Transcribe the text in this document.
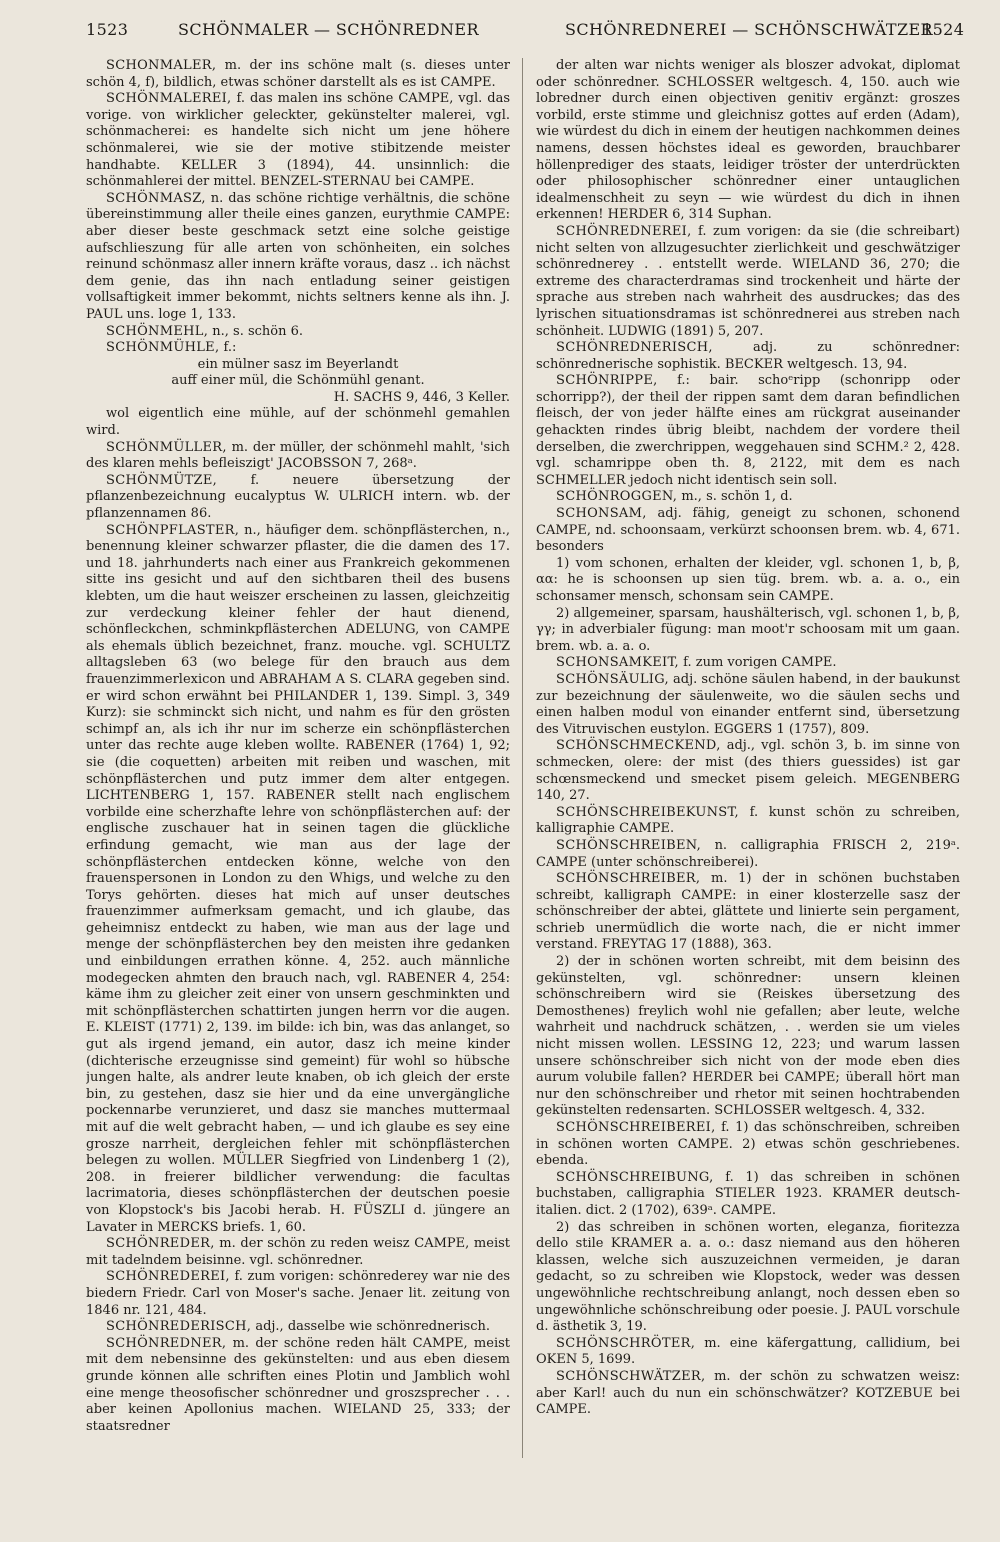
1523	SCHÖNMALER — SCHÖNREDNER	SCHÖNREDNEREI — SCHÖNSCHWÄTZER
1524

SCHÖNMALER, m. der ins schöne malt (s. dieses unter schön 4, f), bildlich, etwas schöner darstellt als es ist CAMPE.

SCHÖNMALEREI, f. das malen ins schöne CAMPE, vgl. das vorige. von wirklicher geleckter, gekünstelter malerei, vgl. schönmacherei: es handelte sich nicht um jene höhere schönmalerei, wie sie der motive stibitzende meister handhabte. KELLER 3 (1894), 44. unsinnlich: die schönmahlerei der mittel. BENZEL-STERNAU bei CAMPE.

SCHÖNMASZ, n. das schöne richtige verhältnis, die schöne übereinstimmung aller theile eines ganzen, eurythmie CAMPE: aber dieser beste geschmack setzt eine solche geistige aufschlieszung für alle arten von schönheiten, ein solches reinund schönmasz aller innern kräfte voraus, dasz .. ich nächst dem genie, das ihn nach entladung seiner geistigen vollsaftigkeit immer bekommt, nichts seltners kenne als ihn. J. PAUL uns. loge 1, 133.

SCHÖNMEHL, n., s. schön 6.

SCHÖNMÜHLE, f.:

ein mülner sasz im Beyerlandt

auff einer mül, die Schönmühl genant.

H. SACHS 9, 446, 3 Keller.

wol eigentlich eine mühle, auf der schönmehl gemahlen wird.

SCHÖNMÜLLER, m. der müller, der schönmehl mahlt, 'sich des klaren mehls befleiszigt' JACOBSSON 7, 268ᵃ.

SCHÖNMÜTZE,	f. neuere übersetzung der pflanzenbezeichnung eucalyptus W. ULRICH intern. wb. der pflanzennamen 86.

SCHÖNPFLASTER, n., häufiger dem. schönpflästerchen, n., benennung kleiner schwarzer pflaster, die die damen des 17. und 18. jahrhunderts nach einer aus Frankreich gekommenen sitte ins gesicht und auf den sichtbaren theil des busens klebten, um die haut weiszer erscheinen zu lassen, gleichzeitig zur verdeckung kleiner fehler der haut dienend, schönfleckchen, schminkpflästerchen ADELUNG, von CAMPE als ehemals üblich bezeichnet, franz. mouche. vgl. SCHULTZ alltagsleben 63 (wo belege für den brauch aus dem frauenzimmerlexicon und ABRAHAM A S. CLARA gegeben sind. er wird schon erwähnt bei PHILANDER 1, 139. Simpl. 3, 349 Kurz): sie schminckt sich nicht, und nahm es für den grösten schimpf an, als ich ihr nur im scherze ein schönpflästerchen unter das rechte auge kleben wollte. RABENER (1764) 1, 92; sie (die coquetten) arbeiten mit reiben und waschen, mit schönpflästerchen und putz immer dem alter entgegen. LICHTENBERG 1, 157. RABENER stellt nach englischem vorbilde eine scherzhafte lehre von schönpflästerchen auf: der englische zuschauer hat in seinen tagen die glückliche erfindung gemacht, wie man aus der lage der schönpflästerchen entdecken könne, welche von den frauenspersonen in London zu den Whigs, und welche zu den Torys gehörten. dieses hat mich auf unser deutsches frauenzimmer aufmerksam gemacht, und ich glaube, das geheimnisz entdeckt zu haben, wie man aus der lage und menge der schönpflästerchen bey den meisten ihre gedanken und einbildungen errathen könne. 4, 252. auch männliche modegecken ahmten den brauch nach, vgl. RABENER 4, 254: käme ihm zu gleicher zeit einer von unsern geschminkten und mit schönpflästerchen schattirten jungen herrn vor die augen. E. KLEIST (1771) 2, 139. im bilde: ich bin, was das anlanget, so gut als irgend jemand, ein autor, dasz ich meine kinder (dichterische erzeugnisse sind gemeint) für wohl so hübsche jungen halte, als andrer leute knaben, ob ich gleich der erste bin, zu gestehen, dasz sie hier und da eine unvergängliche pockennarbe verunzieret, und dasz sie manches muttermaal mit auf die welt gebracht haben, — und ich glaube es sey eine grosze narrheit, dergleichen fehler mit schönpflästerchen belegen zu wollen. MÜLLER Siegfried von Lindenberg 1 (2), 208. in freierer bildlicher verwendung: die facultas lacrimatoria, dieses schönpflästerchen der deutschen poesie von Klopstock's bis Jacobi herab. H. FÜSZLI d. jüngere an Lavater in MERCKS briefs. 1, 60.

SCHÖNREDER, m. der schön zu reden weisz CAMPE, meist mit tadelndem beisinne. vgl. schönredner.

SCHÖNREDEREI, f. zum vorigen: schönrederey war nie des biedern Friedr. Carl von Moser's sache. Jenaer lit. zeitung von 1846 nr. 121, 484.

SCHÖNREDERISCH, adj., dasselbe wie schönrednerisch.

SCHÖNREDNER, m. der schöne reden hält CAMPE, meist mit dem nebensinne des gekünstelten: und aus eben diesem grunde können alle schriften eines Plotin und Jamblich wohl eine menge theosofischer schönredner und groszsprecher . . . aber keinen Apollonius machen. WIELAND 25, 333; der staatsredner

der alten war nichts weniger als bloszer advokat, diplomat oder schönredner. SCHLOSSER weltgesch. 4, 150. auch wie lobredner durch einen objectiven genitiv ergänzt: groszes vorbild, erste stimme und gleichnisz gottes auf erden (Adam), wie würdest du dich in einem der heutigen nachkommen deines namens, dessen höchstes ideal es geworden, brauchbarer höllenprediger des staats, leidiger tröster der unterdrückten oder philosophischer schönredner einer untauglichen idealmenschheit zu seyn — wie würdest du dich in ihnen erkennen! HERDER 6, 314 Suphan.

SCHÖNREDNEREI, f. zum vorigen: da sie (die schreibart) nicht selten von allzugesuchter zierlichkeit und geschwätziger schönrednerey . . entstellt werde. WIELAND 36, 270; die extreme des characterdramas sind trockenheit und härte der sprache aus streben nach wahrheit des ausdruckes; das des lyrischen situationsdramas ist schönrednerei aus streben nach schönheit. LUDWIG (1891) 5, 207.

SCHÖNREDNERISCH,	adj. zu schönredner: schönrednerische sophistik. BECKER weltgesch. 13, 94.

SCHÖNRIPPE, f.: bair. schoᵉripp (schonripp oder schorripp?), der theil der rippen samt dem daran befindlichen fleisch, der von jeder hälfte eines am rückgrat auseinander gehackten rindes übrig bleibt, nachdem der vordere theil derselben, die zwerchrippen, weggehauen sind SCHM.² 2, 428. vgl. schamrippe oben th. 8, 2122, mit dem es nach SCHMELLER jedoch nicht identisch sein soll.

SCHÖNROGGEN, m., s. schön 1, d.

SCHONSAM, adj. fähig, geneigt zu schonen, schonend CAMPE, nd. schoonsaam, verkürzt schoonsen brem. wb. 4, 671. besonders

1) vom schonen, erhalten der kleider, vgl. schonen 1, b, β, αα: he is schoonsen up sien tüg. brem. wb. a. a. o., ein schonsamer mensch, schonsam sein CAMPE.

2) allgemeiner, sparsam, haushälterisch, vgl. schonen 1, b, β, γγ; in adverbialer fügung: man moot'r schoosam mit um gaan. brem. wb. a. a. o.

SCHONSAMKEIT, f. zum vorigen CAMPE.

SCHÖNSÄULIG, adj. schöne säulen habend, in der baukunst zur bezeichnung der säulenweite, wo die säulen sechs und einen halben modul von einander entfernt sind, übersetzung des Vitruvischen eustylon. EGGERS 1 (1757), 809.

SCHÖNSCHMECKEND, adj., vgl. schön 3, b. im sinne von schmecken, olere: der mist (des thiers guessides) ist gar schœnsmeckend und smecket pisem geleich. MEGENBERG 140, 27.

SCHÖNSCHREIBEKUNST, f. kunst schön zu schreiben, kalligraphie CAMPE.

SCHÖNSCHREIBEN, n. calligraphia FRISCH 2, 219ᵃ. CAMPE (unter schönschreiberei).

SCHÖNSCHREIBER, m. 1) der in schönen buchstaben schreibt, kalligraph CAMPE: in einer klosterzelle sasz der schönschreiber der abtei, glättete und linierte sein pergament, schrieb unermüdlich die worte nach, die er nicht immer verstand. FREYTAG 17 (1888), 363.

2) der in schönen worten schreibt, mit dem beisinn des gekünstelten, vgl. schönredner: unsern kleinen schönschreibern wird sie (Reiskes übersetzung des Demosthenes) freylich wohl nie gefallen; aber leute, welche wahrheit und nachdruck schätzen, . . werden sie um vieles nicht missen wollen. LESSING 12, 223; und warum lassen unsere schönschreiber sich nicht von der mode eben dies aurum volubile fallen? HERDER bei CAMPE; überall hört man nur den schönschreiber und rhetor mit seinen hochtrabenden gekünstelten redensarten. SCHLOSSER weltgesch. 4, 332.

SCHÖNSCHREIBEREI, f. 1) das schönschreiben, schreiben in schönen worten CAMPE. 2) etwas schön geschriebenes. ebenda.

SCHÖNSCHREIBUNG, f. 1) das schreiben in schönen buchstaben, calligraphia STIELER 1923. KRAMER deutsch-italien. dict. 2 (1702), 639ᵃ. CAMPE.

2) das schreiben in schönen worten, eleganza, fioritezza dello stile KRAMER a. a. o.: dasz niemand aus den höheren klassen, welche sich auszuzeichnen vermeiden, je daran gedacht, so zu schreiben wie Klopstock, weder was dessen ungewöhnliche rechtschreibung anlangt, noch dessen eben so ungewöhnliche schönschreibung oder poesie. J. PAUL vorschule d. ästhetik 3, 19.

SCHÖNSCHRÖTER, m. eine käfergattung, callidium, bei OKEN 5, 1699.

SCHÖNSCHWÄTZER, m. der schön zu schwatzen weisz: aber Karl! auch du nun ein schönschwätzer? KOTZEBUE bei CAMPE.
